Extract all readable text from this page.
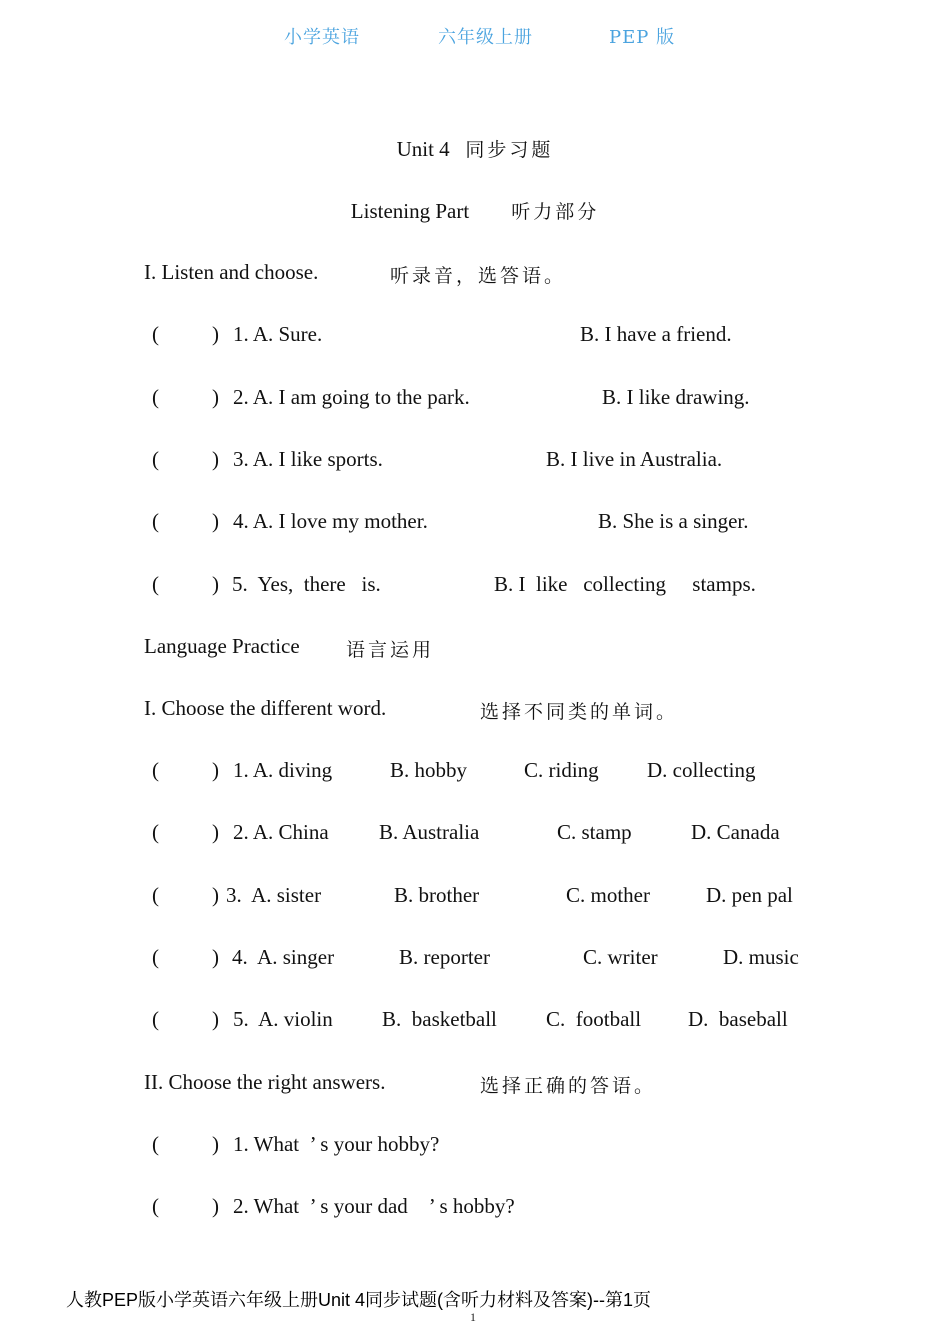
小学英语	六年级上册	PEP 版
Unit 4 同步习题
Listening Part 听力部分
I. Listen and choose.	听录音，选答语。
(	) 1. A. Sure.	B. I have a friend.
(	) 2. A. I am going to the park.	B. I like drawing.
(	) 3. A. I like sports.	B. I live in Australia.
(	) 4. A. I love my mother.	B. She is a singer.
(	) 5.  Yes,  there   is.	B. I  like   collecting     stamps.
Language Practice 语言运用
I. Choose the different word.	选择不同类的单词。
(	) 1. A. diving	B. hobby	C. riding D. collecting
(	) 2. A. China B. Australia	C. stamp	D. Canada
(	) 3.  A. sister	B. brother	C. mother	D. pen pal
(	) 4.  A. singer	B. reporter	C. writer	D. music
(	) 5.  A. violin B.  basketball C.  football D.  baseball
II. Choose the right answers.	选择正确的答语。
(	) 1. What  ’ s your hobby?
(	) 2. What  ’ s your dad    ’ s hobby?
人教PEP版小学英语六年级上册Unit 4同步试题(含听力材料及答案)--第1页
1
